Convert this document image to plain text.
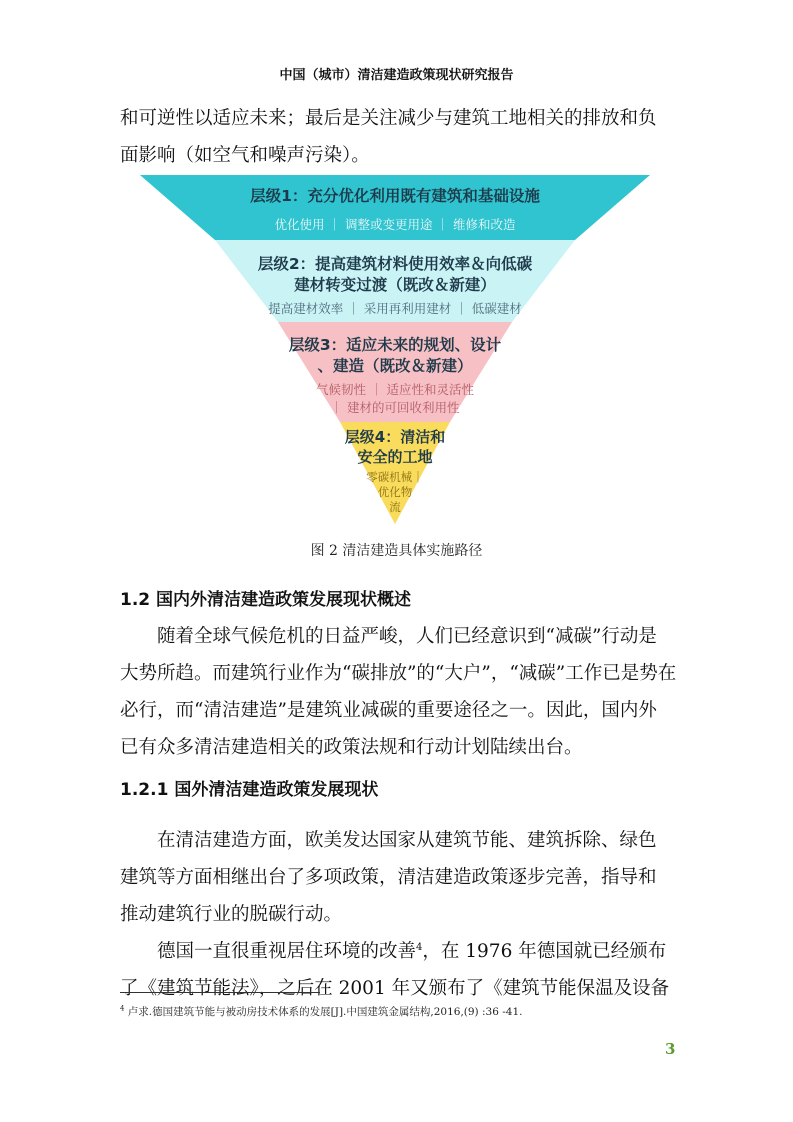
中国（城市）清洁建造政策现状研究报告
和可逆性以适应未来；最后是关注减少与建筑工地相关的排放和负
面影响（如空气和噪声污染）。
层级1：充分优化利用既有建筑和基础设施
优化使用 ｜ 调整或变更用途 ｜ 维修和改造
层级2：提高建筑材料使用效率＆向低碳
建材转变过渡（既改＆新建）
提高建材效率 ｜ 采用再利用建材 ｜ 低碳建材
层级3：适应未来的规划、设计
、建造（既改＆新建）
气候韧性 ｜ 适应性和灵活性
｜ 建材的可回收利用性
层级4：清洁和
安全的工地
零碳机械｜
优化物
流
图 2 清洁建造具体实施路径
1.2 国内外清洁建造政策发展现状概述
随着全球气候危机的日益严峻，人们已经意识到“减碳”行动是
大势所趋。而建筑行业作为“碳排放”的“大户”，“减碳”工作已是势在
必行，而“清洁建造”是建筑业减碳的重要途径之一。因此，国内外
已有众多清洁建造相关的政策法规和行动计划陆续出台。
1.2.1 国外清洁建造政策发展现状
在清洁建造方面，欧美发达国家从建筑节能、建筑拆除、绿色
建筑等方面相继出台了多项政策，清洁建造政策逐步完善，指导和
推动建筑行业的脱碳行动。
德国一直很重视居住环境的改善$^4$，在 1976 年德国就已经颁布
了《建筑节能法》，之后在 2001 年又颁布了《建筑节能保温及设备
$^4$ 卢求.德国建筑节能与被动房技术体系的发展[J].中国建筑金属结构,2016,(9) :36 -41.
3
